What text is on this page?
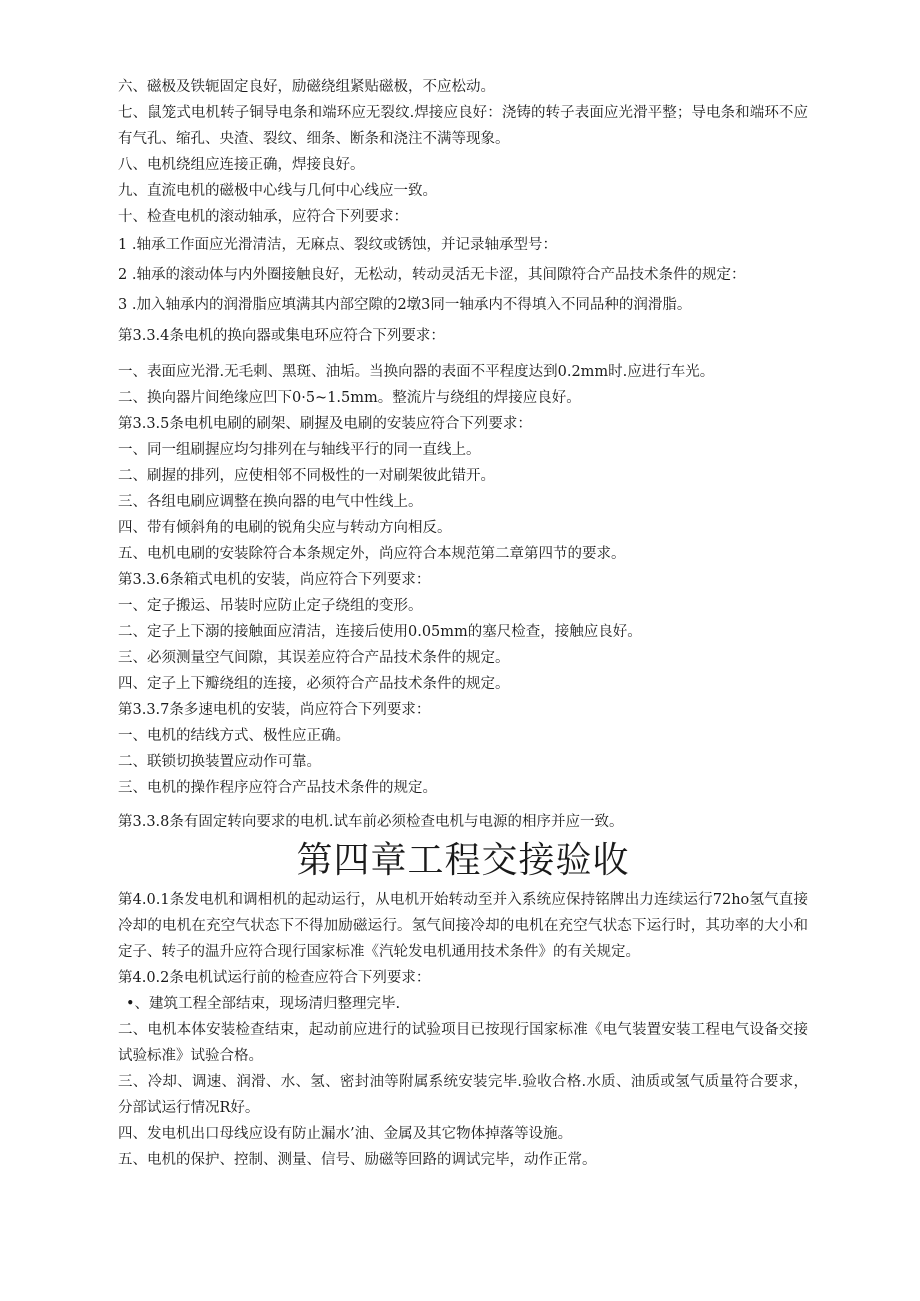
六、磁极及铁轭固定良好，励磁绕组紧贴磁极，不应松动。

七、鼠笼式电机转子铜导电条和端环应无裂纹.焊接应良好：浇铸的转子表面应光滑平整；导电条和端环不应有气孔、缩孔、央渣、裂纹、细条、断条和浇注不满等现象。

八、电机绕组应连接正确，焊接良好。

九、直流电机的磁极中心线与几何中心线应一致。

十、检查电机的滚动轴承，应符合下列要求：

1 .轴承工作面应光滑清洁，无麻点、裂纹或锈蚀，并记录轴承型号：

2 .轴承的滚动体与内外圈接触良好，无松动，转动灵活无卡涩，其间隙符合产品技术条件的规定：

3 .加入轴承内的润滑脂应填满其内部空隙的2墩3同一轴承内不得填入不同品种的润滑脂。

第3.3.4条电机的换向器或集电环应符合下列要求：

一、表面应光滑.无毛刺、黑斑、油垢。当换向器的表面不平程度达到0.2mm时.应进行车光。

二、换向器片间绝缘应凹下0·5~1.5mm。整流片与绕组的焊接应良好。

第3.3.5条电机电刷的刷架、刷握及电刷的安装应符合下列要求：

一、同一组刷握应均匀排列在与轴线平行的同一直线上。

二、刷握的排列，应使相邻不同极性的一对刷架彼此错开。

三、各组电刷应调整在换向器的电气中性线上。

四、带有倾斜角的电刷的锐角尖应与转动方向相反。

五、电机电刷的安装除符合本条规定外，尚应符合本规范第二章第四节的要求。

第3.3.6条箱式电机的安装，尚应符合下列要求：

一、定子搬运、吊装时应防止定子绕组的变形。

二、定子上下溺的接触面应清洁，连接后使用0.05mm的塞尺检查，接触应良好。

三、必须测量空气间隙，其误差应符合产品技术条件的规定。

四、定子上下瓣绕组的连接，必须符合产品技术条件的规定。

第3.3.7条多速电机的安装，尚应符合下列要求：

一、电机的结线方式、极性应正确。

二、联锁切换装置应动作可靠。

三、电机的操作程序应符合产品技术条件的规定。

第3.3.8条有固定转向要求的电机.试车前必须检查电机与电源的相序并应一致。

第四章工程交接验收

第4.0.1条发电机和调相机的起动运行，从电机开始转动至并入系统应保持铭牌出力连续运行72ho氢气直接冷却的电机在充空气状态下不得加励磁运行。氢气间接冷却的电机在充空气状态下运行时，其功率的大小和定子、转子的温升应符合现行国家标准《汽轮发电机通用技术条件》的有关规定。

第4.0.2条电机试运行前的检查应符合下列要求：

•、建筑工程全部结束，现场清归整理完毕.

二、电机本体安装检查结束，起动前应进行的试验项目已按现行国家标准《电气装置安装工程电气设备交接试验标准》试验合格。

三、冷却、调速、润滑、水、氢、密封油等附属系统安装完毕.验收合格.水质、油质或氢气质量符合要求，分部试运行情况R好。

四、发电机出口母线应设有防止漏水’油、金属及其它物体掉落等设施。

五、电机的保护、控制、测量、信号、励磁等回路的调试完毕，动作正常。
